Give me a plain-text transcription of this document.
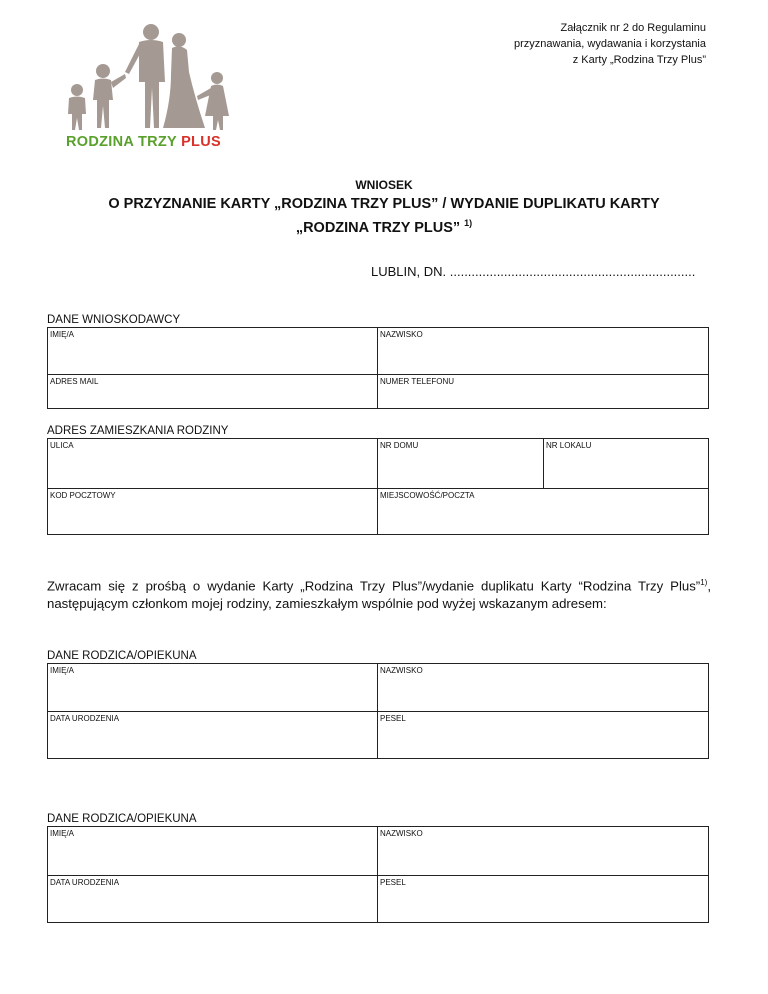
Załącznik nr 2 do Regulaminu
przyznawania, wydawania i korzystania
z Karty „Rodzina Trzy Plus”
RODZINA TRZY PLUS
WNIOSEK
O PRZYZNANIE KARTY „RODZINA TRZY PLUS” / WYDANIE DUPLIKATU KARTY
„RODZINA TRZY PLUS” $^{1)}$
LUBLIN, DN. ....................................................................
DANE WNIOSKODAWCY
IMIĘ/A	NAZWISKO
ADRES MAIL	NUMER TELEFONU
ADRES ZAMIESZKANIA RODZINY
ULICA	NR DOMU	NR LOKALU
KOD POCZTOWY	MIEJSCOWOŚĆ/POCZTA
Zwracam się z prośbą o wydanie Karty „Rodzina Trzy Plus”/wydanie duplikatu Karty “Rodzina Trzy Plus”$^{1)}$, następującym członkom mojej rodziny, zamieszkałym wspólnie pod wyżej wskazanym adresem:
DANE RODZICA/OPIEKUNA
IMIĘ/A	NAZWISKO
DATA URODZENIA	PESEL
DANE RODZICA/OPIEKUNA
IMIĘ/A	NAZWISKO
DATA URODZENIA	PESEL
